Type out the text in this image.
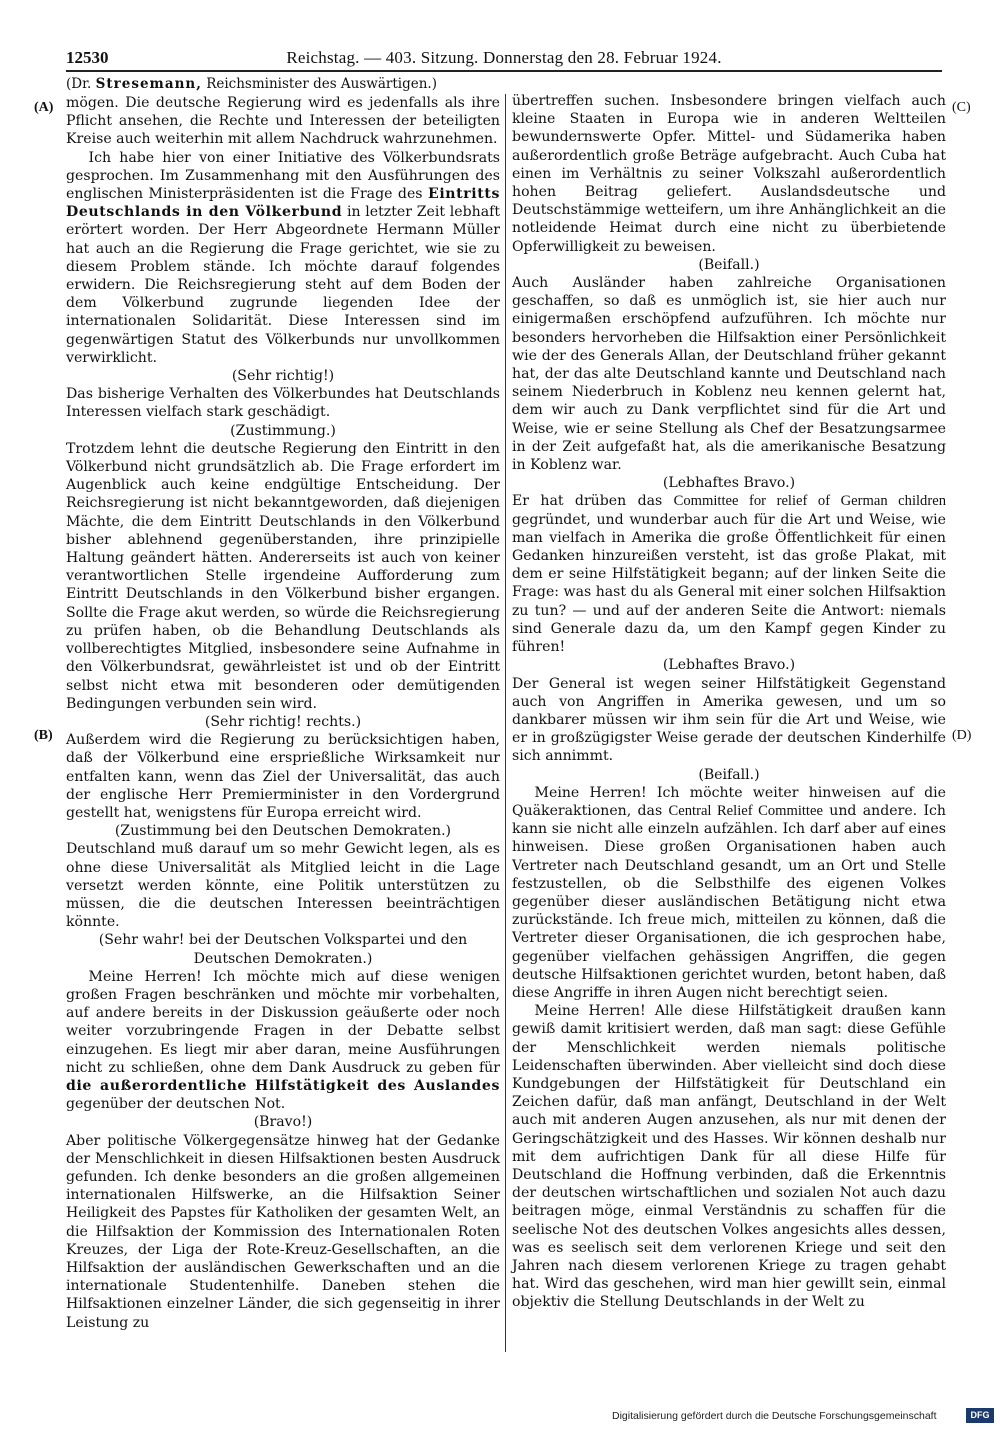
12530	Reichstag. — 403. Sitzung. Donnerstag den 28. Februar 1924.
(Dr. Stresemann, Reichsminister des Auswärtigen.)
(A)
(B)
(C)
(D)

mögen. Die deutsche Regierung wird es jedenfalls als ihre Pflicht ansehen, die Rechte und Interessen der beteiligten Kreise auch weiterhin mit allem Nachdruck wahrzunehmen.

Ich habe hier von einer Initiative des Völkerbundsrats gesprochen. Im Zusammenhang mit den Ausführungen des englischen Ministerpräsidenten ist die Frage des Eintritts Deutschlands in den Völkerbund in letzter Zeit lebhaft erörtert worden. Der Herr Abgeordnete Hermann Müller hat auch an die Regierung die Frage gerichtet, wie sie zu diesem Problem stände. Ich möchte darauf folgendes erwidern. Die Reichsregierung steht auf dem Boden der dem Völkerbund zugrunde liegenden Idee der internationalen Solidarität. Diese Interessen sind im gegenwärtigen Statut des Völkerbunds nur unvollkommen verwirklicht.

(Sehr richtig!)

Das bisherige Verhalten des Völkerbundes hat Deutschlands Interessen vielfach stark geschädigt.

(Zustimmung.)

Trotzdem lehnt die deutsche Regierung den Eintritt in den Völkerbund nicht grundsätzlich ab. Die Frage erfordert im Augenblick auch keine endgültige Entscheidung. Der Reichsregierung ist nicht bekanntgeworden, daß diejenigen Mächte, die dem Eintritt Deutschlands in den Völkerbund bisher ablehnend gegenüberstanden, ihre prinzipielle Haltung geändert hätten. Andererseits ist auch von keiner verantwortlichen Stelle irgendeine Aufforderung zum Eintritt Deutschlands in den Völkerbund bisher ergangen. Sollte die Frage akut werden, so würde die Reichsregierung zu prüfen haben, ob die Behandlung Deutschlands als vollberechtigtes Mitglied, insbesondere seine Aufnahme in den Völkerbundsrat, gewährleistet ist und ob der Eintritt selbst nicht etwa mit besonderen oder demütigenden Bedingungen verbunden sein wird.

(Sehr richtig! rechts.)

Außerdem wird die Regierung zu berücksichtigen haben, daß der Völkerbund eine ersprießliche Wirksamkeit nur entfalten kann, wenn das Ziel der Universalität, das auch der englische Herr Premierminister in den Vordergrund gestellt hat, wenigstens für Europa erreicht wird.

(Zustimmung bei den Deutschen Demokraten.)

Deutschland muß darauf um so mehr Gewicht legen, als es ohne diese Universalität als Mitglied leicht in die Lage versetzt werden könnte, eine Politik unterstützen zu müssen, die die deutschen Interessen beeinträchtigen könnte.

(Sehr wahr! bei der Deutschen Volkspartei und den Deutschen Demokraten.)

Meine Herren! Ich möchte mich auf diese wenigen großen Fragen beschränken und möchte mir vorbehalten, auf andere bereits in der Diskussion geäußerte oder noch weiter vorzubringende Fragen in der Debatte selbst einzugehen. Es liegt mir aber daran, meine Ausführungen nicht zu schließen, ohne dem Dank Ausdruck zu geben für die außerordentliche Hilfstätigkeit des Auslandes gegenüber der deutschen Not.

(Bravo!)

Aber politische Völkergegensätze hinweg hat der Gedanke der Menschlichkeit in diesen Hilfsaktionen besten Ausdruck gefunden. Ich denke besonders an die großen allgemeinen internationalen Hilfswerke, an die Hilfsaktion Seiner Heiligkeit des Papstes für Katholiken der gesamten Welt, an die Hilfsaktion der Kommission des Internationalen Roten Kreuzes, der Liga der Rote-Kreuz-Gesellschaften, an die Hilfsaktion der ausländischen Gewerkschaften und an die internationale Studentenhilfe. Daneben stehen die Hilfsaktionen einzelner Länder, die sich gegenseitig in ihrer Leistung zu

übertreffen suchen. Insbesondere bringen vielfach auch kleine Staaten in Europa wie in anderen Weltteilen bewundernswerte Opfer. Mittel- und Südamerika haben außerordentlich große Beträge aufgebracht. Auch Cuba hat einen im Verhältnis zu seiner Volkszahl außerordentlich hohen Beitrag geliefert. Auslandsdeutsche und Deutschstämmige wetteifern, um ihre Anhänglichkeit an die notleidende Heimat durch eine nicht zu überbietende Opferwilligkeit zu beweisen.

(Beifall.)

Auch Ausländer haben zahlreiche Organisationen geschaffen, so daß es unmöglich ist, sie hier auch nur einigermaßen erschöpfend aufzuführen. Ich möchte nur besonders hervorheben die Hilfsaktion einer Persönlichkeit wie der des Generals Allan, der Deutschland früher gekannt hat, der das alte Deutschland kannte und Deutschland nach seinem Niederbruch in Koblenz neu kennen gelernt hat, dem wir auch zu Dank verpflichtet sind für die Art und Weise, wie er seine Stellung als Chef der Besatzungsarmee in der Zeit aufgefaßt hat, als die amerikanische Besatzung in Koblenz war.

(Lebhaftes Bravo.)

Er hat drüben das Committee for relief of German children gegründet, und wunderbar auch für die Art und Weise, wie man vielfach in Amerika die große Öffentlichkeit für einen Gedanken hinzureißen versteht, ist das große Plakat, mit dem er seine Hilfstätigkeit begann; auf der linken Seite die Frage: was hast du als General mit einer solchen Hilfsaktion zu tun? — und auf der anderen Seite die Antwort: niemals sind Generale dazu da, um den Kampf gegen Kinder zu führen!

(Lebhaftes Bravo.)

Der General ist wegen seiner Hilfstätigkeit Gegenstand auch von Angriffen in Amerika gewesen, und um so dankbarer müssen wir ihm sein für die Art und Weise, wie er in großzügigster Weise gerade der deutschen Kinderhilfe sich annimmt.

(Beifall.)

Meine Herren! Ich möchte weiter hinweisen auf die Quäkeraktionen, das Central Relief Committee und andere. Ich kann sie nicht alle einzeln aufzählen. Ich darf aber auf eines hinweisen. Diese großen Organisationen haben auch Vertreter nach Deutschland gesandt, um an Ort und Stelle festzustellen, ob die Selbsthilfe des eigenen Volkes gegenüber dieser ausländischen Betätigung nicht etwa zurückstände. Ich freue mich, mitteilen zu können, daß die Vertreter dieser Organisationen, die ich gesprochen habe, gegenüber vielfachen gehässigen Angriffen, die gegen deutsche Hilfsaktionen gerichtet wurden, betont haben, daß diese Angriffe in ihren Augen nicht berechtigt seien.

Meine Herren! Alle diese Hilfstätigkeit draußen kann gewiß damit kritisiert werden, daß man sagt: diese Gefühle der Menschlichkeit werden niemals politische Leidenschaften überwinden. Aber vielleicht sind doch diese Kundgebungen der Hilfstätigkeit für Deutschland ein Zeichen dafür, daß man anfängt, Deutschland in der Welt auch mit anderen Augen anzusehen, als nur mit denen der Geringschätzigkeit und des Hasses. Wir können deshalb nur mit dem aufrichtigen Dank für all diese Hilfe für Deutschland die Hoffnung verbinden, daß die Erkenntnis der deutschen wirtschaftlichen und sozialen Not auch dazu beitragen möge, einmal Verständnis zu schaffen für die seelische Not des deutschen Volkes angesichts alles dessen, was es seelisch seit dem verlorenen Kriege und seit den Jahren nach diesem verlorenen Kriege zu tragen gehabt hat. Wird das geschehen, wird man hier gewillt sein, einmal objektiv die Stellung Deutschlands in der Welt zu

Digitalisierung gefördert durch die Deutsche Forschungsgemeinschaft	DFG
